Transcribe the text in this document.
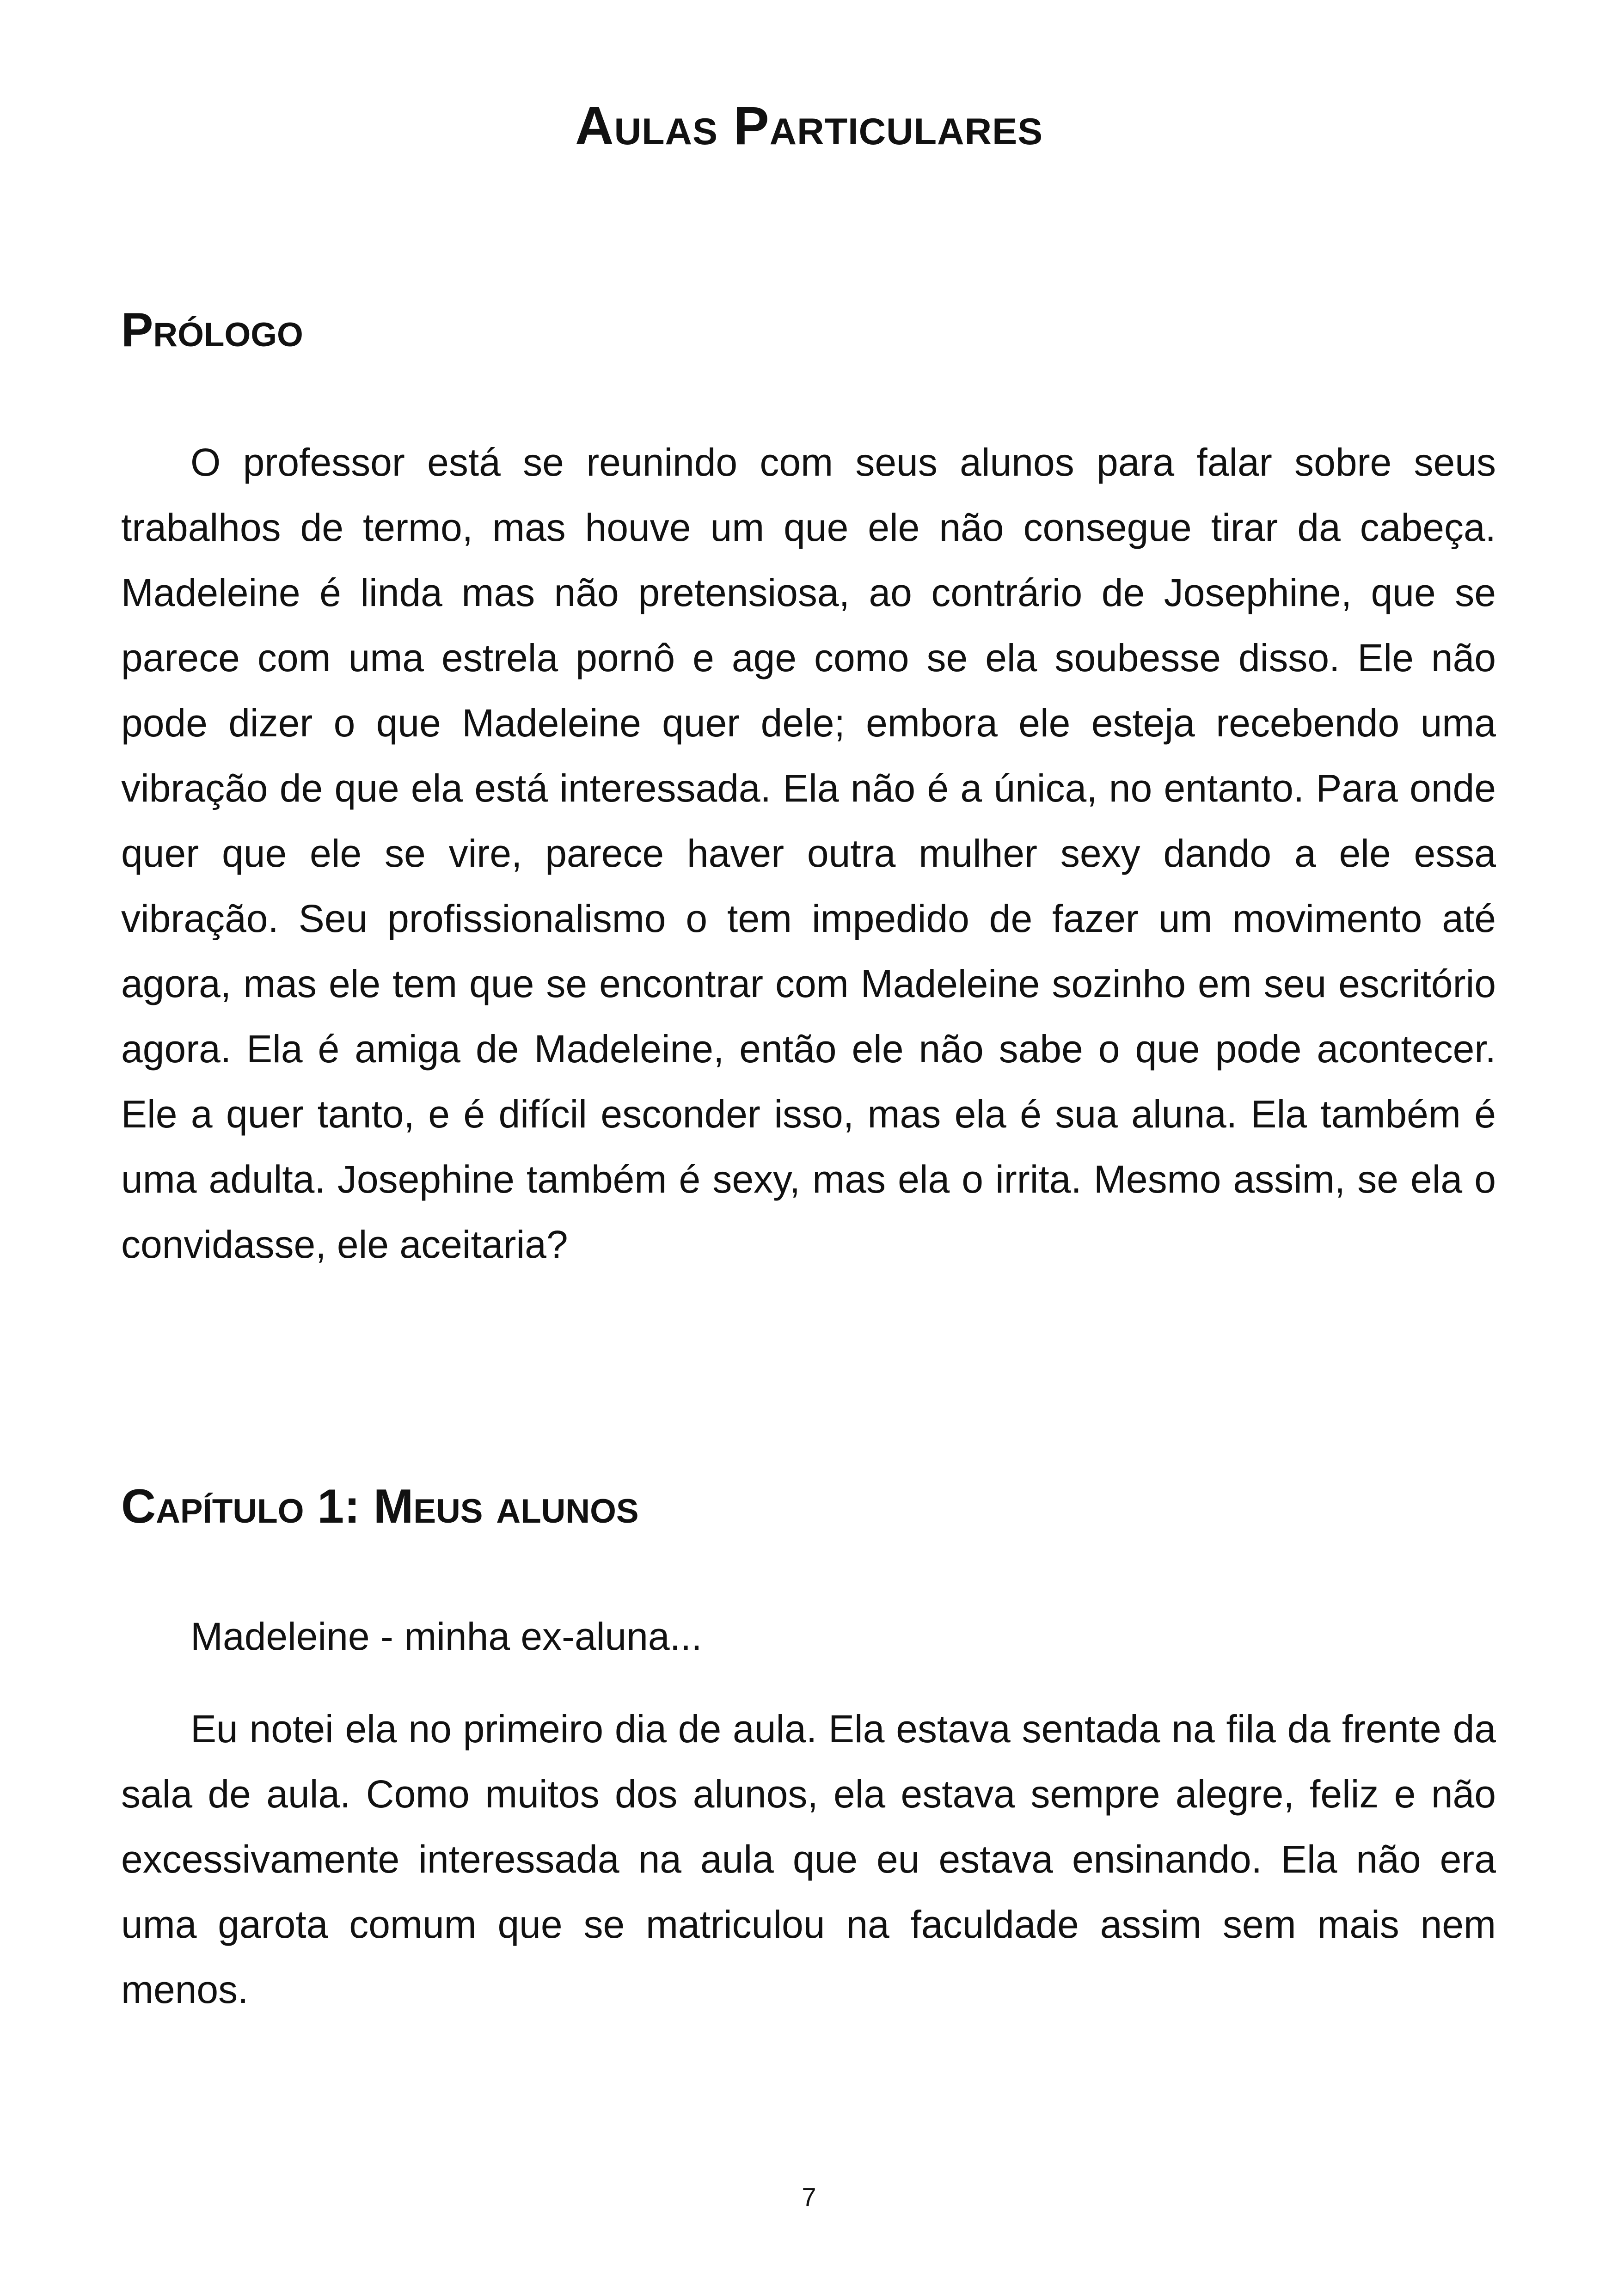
Aulas Particulares
Prólogo

O professor está se reunindo com seus alunos para falar sobre seus trabalhos de termo, mas houve um que ele não consegue tirar da cabeça. Madeleine é linda mas não pretensiosa, ao contrário de Josephine, que se parece com uma estrela pornô e age como se ela soubesse disso. Ele não pode dizer o que Madeleine quer dele; embora ele esteja recebendo uma vibração de que ela está interessada. Ela não é a única, no entanto. Para onde quer que ele se vire, parece haver outra mulher sexy dando a ele essa vibração. Seu profissionalismo o tem impedido de fazer um movimento até agora, mas ele tem que se encontrar com Madeleine sozinho em seu escritório agora. Ela é amiga de Madeleine, então ele não sabe o que pode acontecer. Ele a quer tanto, e é difícil esconder isso, mas ela é sua aluna. Ela também é uma adulta. Josephine também é sexy, mas ela o irrita. Mesmo assim, se ela o convidasse, ele aceitaria?

Capítulo 1: Meus alunos

Madeleine - minha ex-aluna...

Eu notei ela no primeiro dia de aula. Ela estava sentada na fila da frente da sala de aula. Como muitos dos alunos, ela estava sempre alegre, feliz e não excessivamente interessada na aula que eu estava ensinando. Ela não era uma garota comum que se matriculou na faculdade assim sem mais nem menos.

7
